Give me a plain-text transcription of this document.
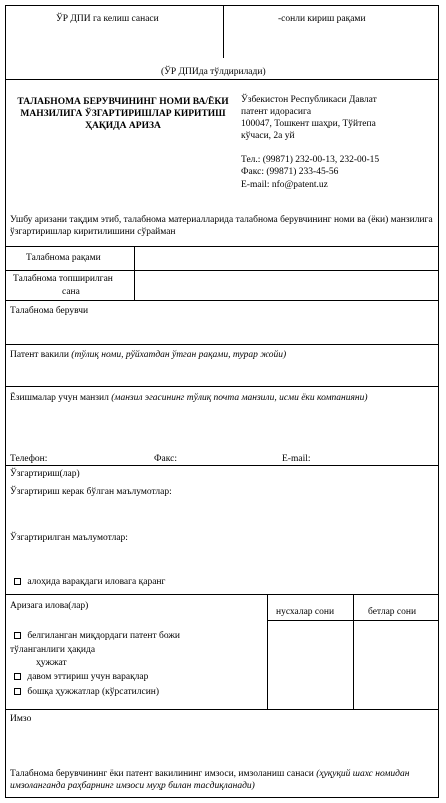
ЎР ДПИ га келиш санаси	-сонли кириш рақами
(ЎР ДПИда тўлдирилади)
ТАЛАБНОМА БЕРУВЧИНИНГ НОМИ ВА/ЁКИ МАНЗИЛИГА ЎЗГАРТИРИШЛАР КИРИТИШ ҲАҚИДА АРИЗА
Ўзбекистон Республикаси Давлат
патент идорасига
100047, Тошкент шаҳри, Тўйтепа
кўчаси, 2а уй
Тел.: (99871) 232-00-13, 232-00-15
Факс: (99871) 233-45-56
E-mail: nfo@patent.uz
Ушбу аризани тақдим этиб, талабнома материалларида талабнома берувчининг номи ва (ёки) манзилига ўзгартиришлар киритилишини сўрайман
Талабнома рақами
Талабнома топширилган
сана
Талабнома берувчи
Патент вакили (тўлиқ номи, рўйхатдан ўтган рақами, турар жойи)
Ёзишмалар учун манзил (манзил эгасининг тўлиқ почта манзили, исми ёки компанияни)
Телефон:	Факс:	E-mail:
Ўзгартириш(лар)
Ўзгартириш керак бўлган маълумотлар:
Ўзгартирилган маълумотлар:
алоҳида варақдаги иловага қаранг
Аризага илова(лар)
нусхалар сони	бетлар сони
белгиланган миқдордаги патент божи
тўланганлиги ҳақида
ҳужжат
давом эттириш учун варақлар
бошқа ҳужжатлар (кўрсатилсин)
Имзо
Талабнома берувчининг ёки патент вакилининг имзоси, имзоланиш санаси (ҳуқуқий шахс номидан имзоланганда раҳбарнинг имзоси муҳр билан тасдиқланади)
